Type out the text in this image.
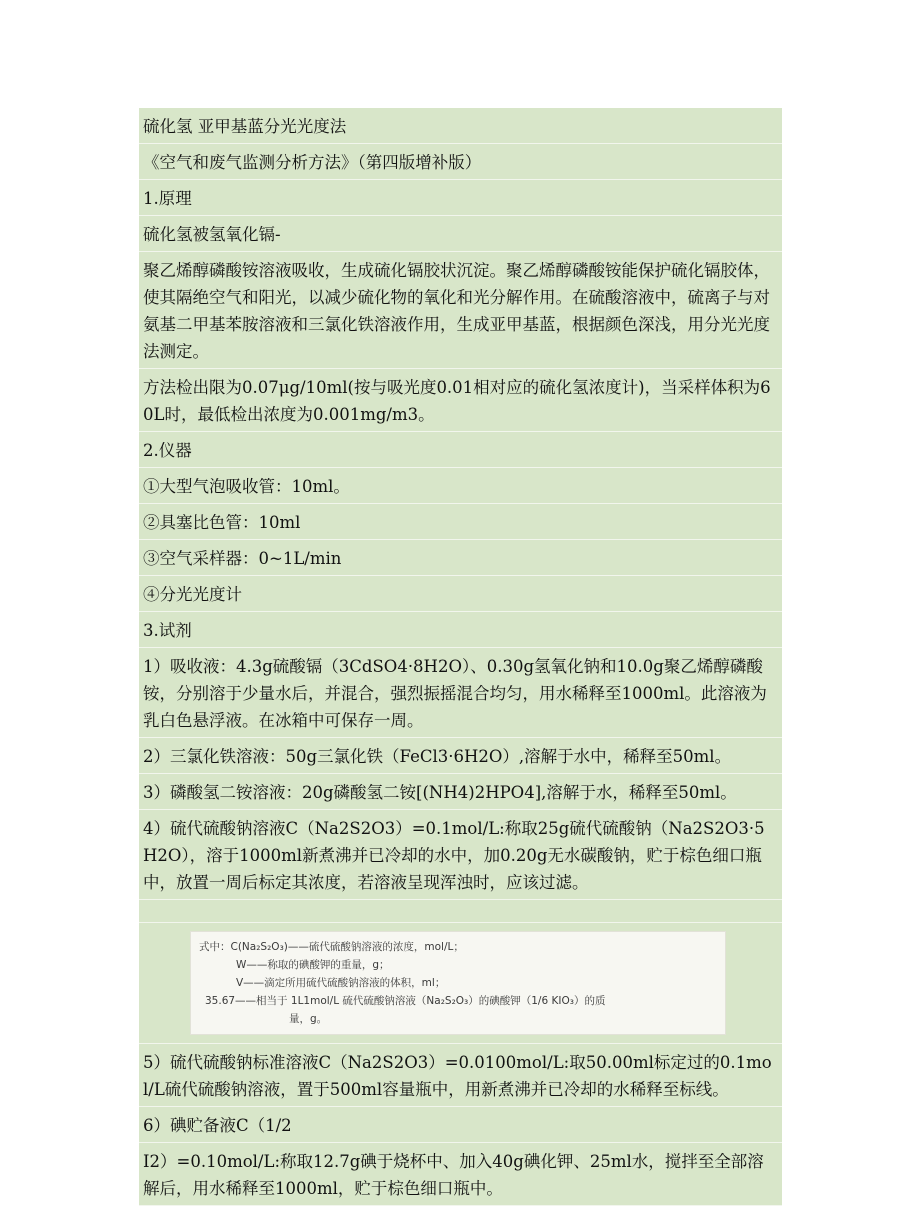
硫化氢 亚甲基蓝分光光度法
《空气和废气监测分析方法》（第四版增补版）
1.原理
硫化氢被氢氧化镉-
聚乙烯醇磷酸铵溶液吸收，生成硫化镉胶状沉淀。聚乙烯醇磷酸铵能保护硫化镉胶体，使其隔绝空气和阳光，以减少硫化物的氧化和光分解作用。在硫酸溶液中，硫离子与对氨基二甲基苯胺溶液和三氯化铁溶液作用，生成亚甲基蓝，根据颜色深浅，用分光光度法测定。
方法检出限为0.07μg/10ml(按与吸光度0.01相对应的硫化氢浓度计)，当采样体积为60L时，最低检出浓度为0.001mg/m3。
2.仪器
①大型气泡吸收管：10ml。
②具塞比色管：10ml
③空气采样器：0~1L/min
④分光光度计
3.试剂
1）吸收液：4.3g硫酸镉（3CdSO4·8H2O）、0.30g氢氧化钠和10.0g聚乙烯醇磷酸铵，分别溶于少量水后，并混合，强烈振摇混合均匀，用水稀释至1000ml。此溶液为乳白色悬浮液。在冰箱中可保存一周。
2）三氯化铁溶液：50g三氯化铁（FeCl3·6H2O）,溶解于水中，稀释至50ml。
3）磷酸氢二铵溶液：20g磷酸氢二铵[(NH4)2HPO4],溶解于水，稀释至50ml。
4）硫代硫酸钠溶液C（Na2S2O3）=0.1mol/L:称取25g硫代硫酸钠（Na2S2O3·5H2O），溶于1000ml新煮沸并已冷却的水中，加0.20g无水碳酸钠，贮于棕色细口瓶中，放置一周后标定其浓度，若溶液呈现浑浊时，应该过滤。
式中：C(Na₂S₂O₃)——硫代硫酸钠溶液的浓度，mol/L；
W——称取的碘酸钾的重量，g；
V——滴定所用硫代硫酸钠溶液的体积，ml；
35.67——相当于 1L1mol/L 硫代硫酸钠溶液（Na₂S₂O₃）的碘酸钾（1/6 KIO₃）的质
量，g。
5）硫代硫酸钠标准溶液C（Na2S2O3）=0.0100mol/L:取50.00ml标定过的0.1mol/L硫代硫酸钠溶液，置于500ml容量瓶中，用新煮沸并已冷却的水稀释至标线。
6）碘贮备液C（1/2
I2）=0.10mol/L:称取12.7g碘于烧杯中、加入40g碘化钾、25ml水，搅拌至全部溶解后，用水稀释至1000ml，贮于棕色细口瓶中。
